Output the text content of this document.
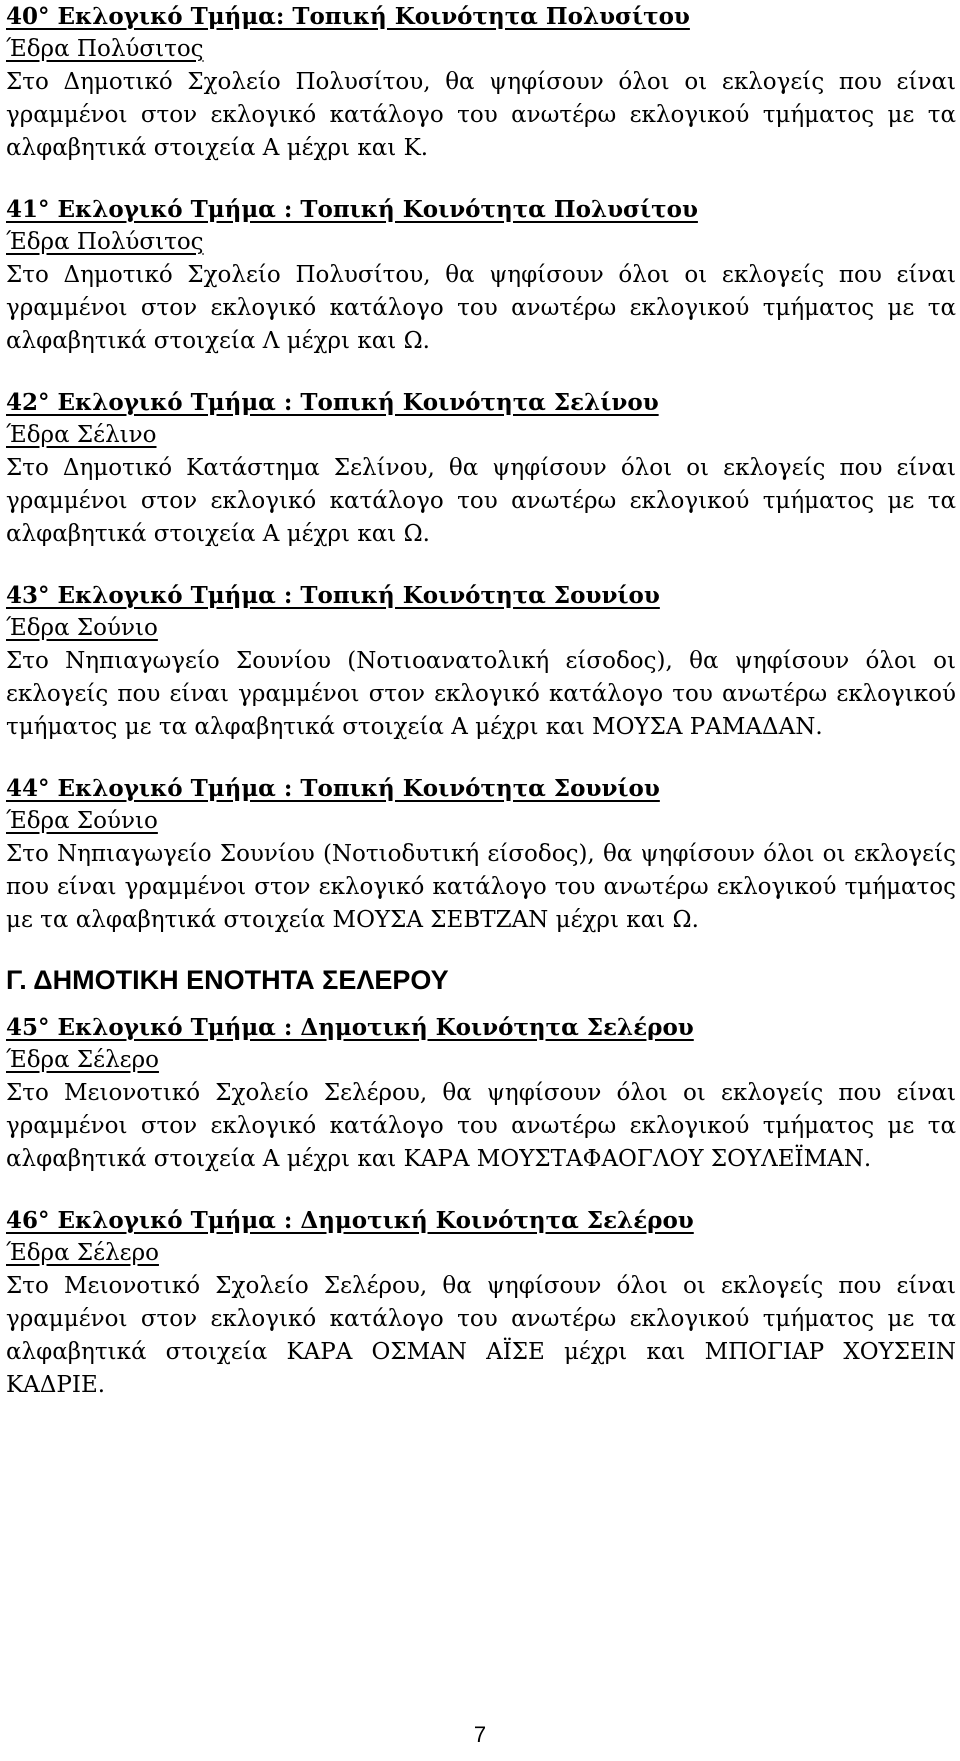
40° Εκλογικό Τμήμα: Τοπική Κοινότητα Πολυσίτου
Έδρα Πολύσιτος

Στο Δημοτικό Σχολείο Πολυσίτου, θα ψηφίσουν όλοι οι εκλογείς που είναι γραμμένοι στον εκλογικό κατάλογο του ανωτέρω εκλογικού τμήματος με τα αλφαβητικά στοιχεία Α μέχρι και Κ.

41° Εκλογικό Τμήμα : Τοπική Κοινότητα Πολυσίτου
Έδρα Πολύσιτος

Στο Δημοτικό Σχολείο Πολυσίτου, θα ψηφίσουν όλοι οι εκλογείς που είναι γραμμένοι στον εκλογικό κατάλογο του ανωτέρω εκλογικού τμήματος με τα αλφαβητικά στοιχεία Λ μέχρι και Ω.

42° Εκλογικό Τμήμα : Τοπική Κοινότητα Σελίνου
Έδρα Σέλινο

Στο Δημοτικό Κατάστημα Σελίνου, θα ψηφίσουν όλοι οι εκλογείς που είναι γραμμένοι στον εκλογικό κατάλογο του ανωτέρω εκλογικού τμήματος με τα αλφαβητικά στοιχεία Α μέχρι και Ω.

43° Εκλογικό Τμήμα : Τοπική Κοινότητα Σουνίου
Έδρα Σούνιο

Στο Νηπιαγωγείο Σουνίου (Νοτιοανατολική είσοδος), θα ψηφίσουν όλοι οι εκλογείς που είναι γραμμένοι στον εκλογικό κατάλογο του ανωτέρω εκλογικού τμήματος με τα αλφαβητικά στοιχεία Α μέχρι και ΜΟΥΣΑ ΡΑΜΑΔΑΝ.

44° Εκλογικό Τμήμα : Τοπική Κοινότητα Σουνίου
Έδρα Σούνιο

Στο Νηπιαγωγείο Σουνίου (Νοτιοδυτική είσοδος), θα ψηφίσουν όλοι οι εκλογείς που είναι γραμμένοι στον εκλογικό κατάλογο του ανωτέρω εκλογικού τμήματος με τα αλφαβητικά στοιχεία ΜΟΥΣΑ ΣΕΒΤΖΑΝ μέχρι και Ω.

Γ. ΔΗΜΟΤΙΚΗ ΕΝΟΤΗΤΑ ΣΕΛΕΡΟΥ
45° Εκλογικό Τμήμα : Δημοτική Κοινότητα Σελέρου
Έδρα Σέλερο

Στο Μειονοτικό Σχολείο Σελέρου, θα ψηφίσουν όλοι οι εκλογείς που είναι γραμμένοι στον εκλογικό κατάλογο του ανωτέρω εκλογικού τμήματος με τα αλφαβητικά στοιχεία Α μέχρι και ΚΑΡΑ ΜΟΥΣΤΑΦΑΟΓΛΟΥ ΣΟΥΛΕΪΜΑΝ.

46° Εκλογικό Τμήμα : Δημοτική Κοινότητα Σελέρου
Έδρα Σέλερο

Στο Μειονοτικό Σχολείο Σελέρου, θα ψηφίσουν όλοι οι εκλογείς που είναι γραμμένοι στον εκλογικό κατάλογο του ανωτέρω εκλογικού τμήματος με τα αλφαβητικά στοιχεία ΚΑΡΑ ΟΣΜΑΝ ΑΪΣΕ μέχρι και ΜΠΟΓΙΑΡ ΧΟΥΣΕΙΝ ΚΑΔΡΙΕ.

7
